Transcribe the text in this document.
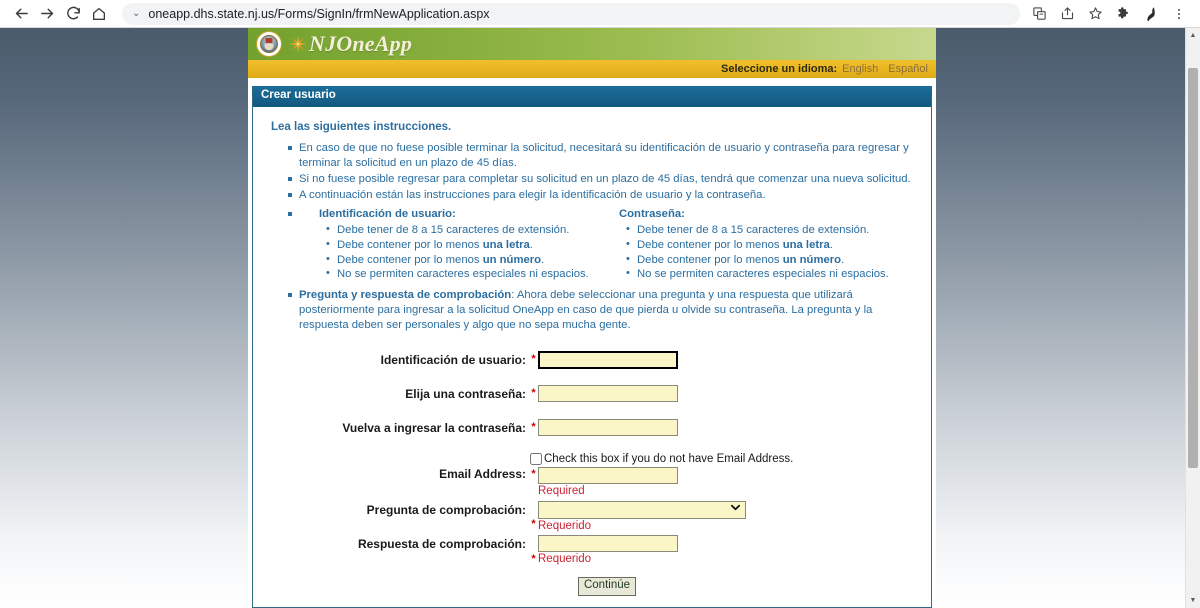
⌄ oneapp.dhs.state.nj.us/Forms/SignIn/frmNewApplication.aspx
NJOneApp
Seleccione un idioma: English Español
Crear usuario
Lea las siguientes instrucciones.
En caso de que no fuese posible terminar la solicitud, necesitará su identificación de usuario y contraseña para regresar y terminar la solicitud en un plazo de 45 días.
Si no fuese posible regresar para completar su solicitud en un plazo de 45 días, tendrá que comenzar una nueva solicitud.
A continuación están las instrucciones para elegir la identificación de usuario y la contraseña.
Identificación de usuario:
• Debe tener de 8 a 15 caracteres de extensión.
• Debe contener por lo menos una letra.
• Debe contener por lo menos un número.
• No se permiten caracteres especiales ni espacios.
Contraseña:
• Debe tener de 8 a 15 caracteres de extensión.
• Debe contener por lo menos una letra.
• Debe contener por lo menos un número.
• No se permiten caracteres especiales ni espacios.
Pregunta y respuesta de comprobación: Ahora debe seleccionar una pregunta y una respuesta que utilizará posteriormente para ingresar a la solicitud OneApp en caso de que pierda u olvide su contraseña. La pregunta y la respuesta deben ser personales y algo que no sepa mucha gente.
Identificación de usuario: *
Elija una contraseña: *
Vuelva a ingresar la contraseña: *
Email Address: *
Check this box if you do not have Email Address.
Required
Pregunta de comprobación:
* Requerido
Respuesta de comprobación:
* Requerido
Continúe
▲
▼
